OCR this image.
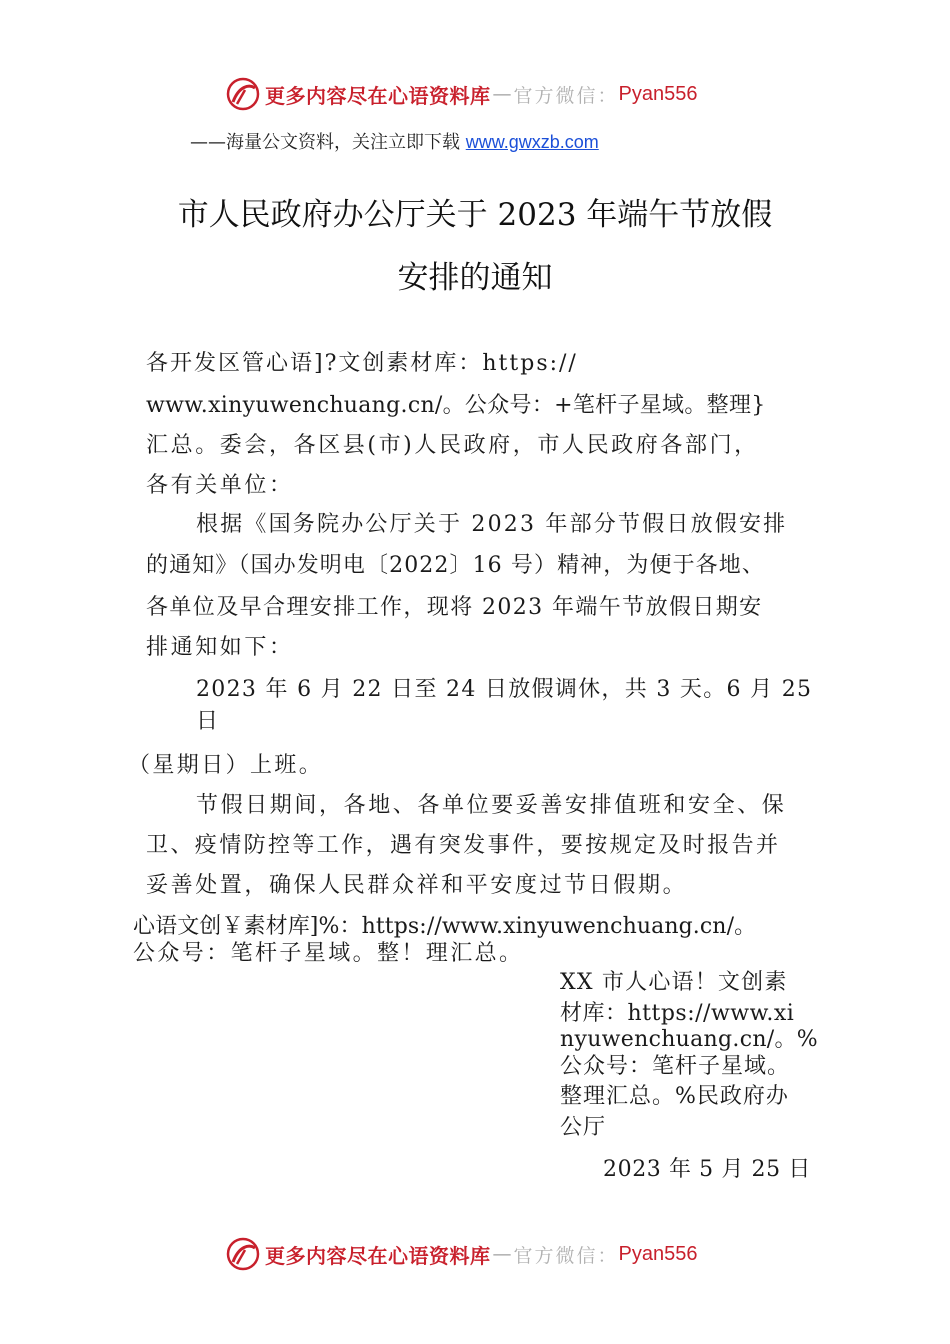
更多内容尽在心语资料库 — 官方微信： Pyan556
——海量公文资料，关注立即下载 www.gwxzb.com
市人民政府办公厅关于 2023 年端午节放假
安排的通知
各开发区管心语]?文创素材库：https://
www.xinyuwenchuang.cn/。公众号：+笔杆子星域。整理}
汇总。委会，各区县(市)人民政府，市人民政府各部门，
各有关单位：
根据《国务院办公厅关于 2023 年部分节假日放假安排
的通知》（国办发明电〔2022〕16 号）精神，为便于各地、
各单位及早合理安排工作，现将 2023 年端午节放假日期安
排通知如下：
2023 年 6 月 22 日至 24 日放假调休，共 3 天。6 月 25
日
（星期日）上班。
节假日期间，各地、各单位要妥善安排值班和安全、保
卫、疫情防控等工作，遇有突发事件，要按规定及时报告并
妥善处置，确保人民群众祥和平安度过节日假期。
心语文创￥素材库]%：https://www.xinyuwenchuang.cn/。
公众号：笔杆子星域。整！理汇总。
XX 市人心语！文创素
材库：https://www.xi
nyuwenchuang.cn/。%
公众号：笔杆子星域。
整理汇总。%民政府办
公厅
2023 年 5 月 25 日
更多内容尽在心语资料库 — 官方微信： Pyan556
